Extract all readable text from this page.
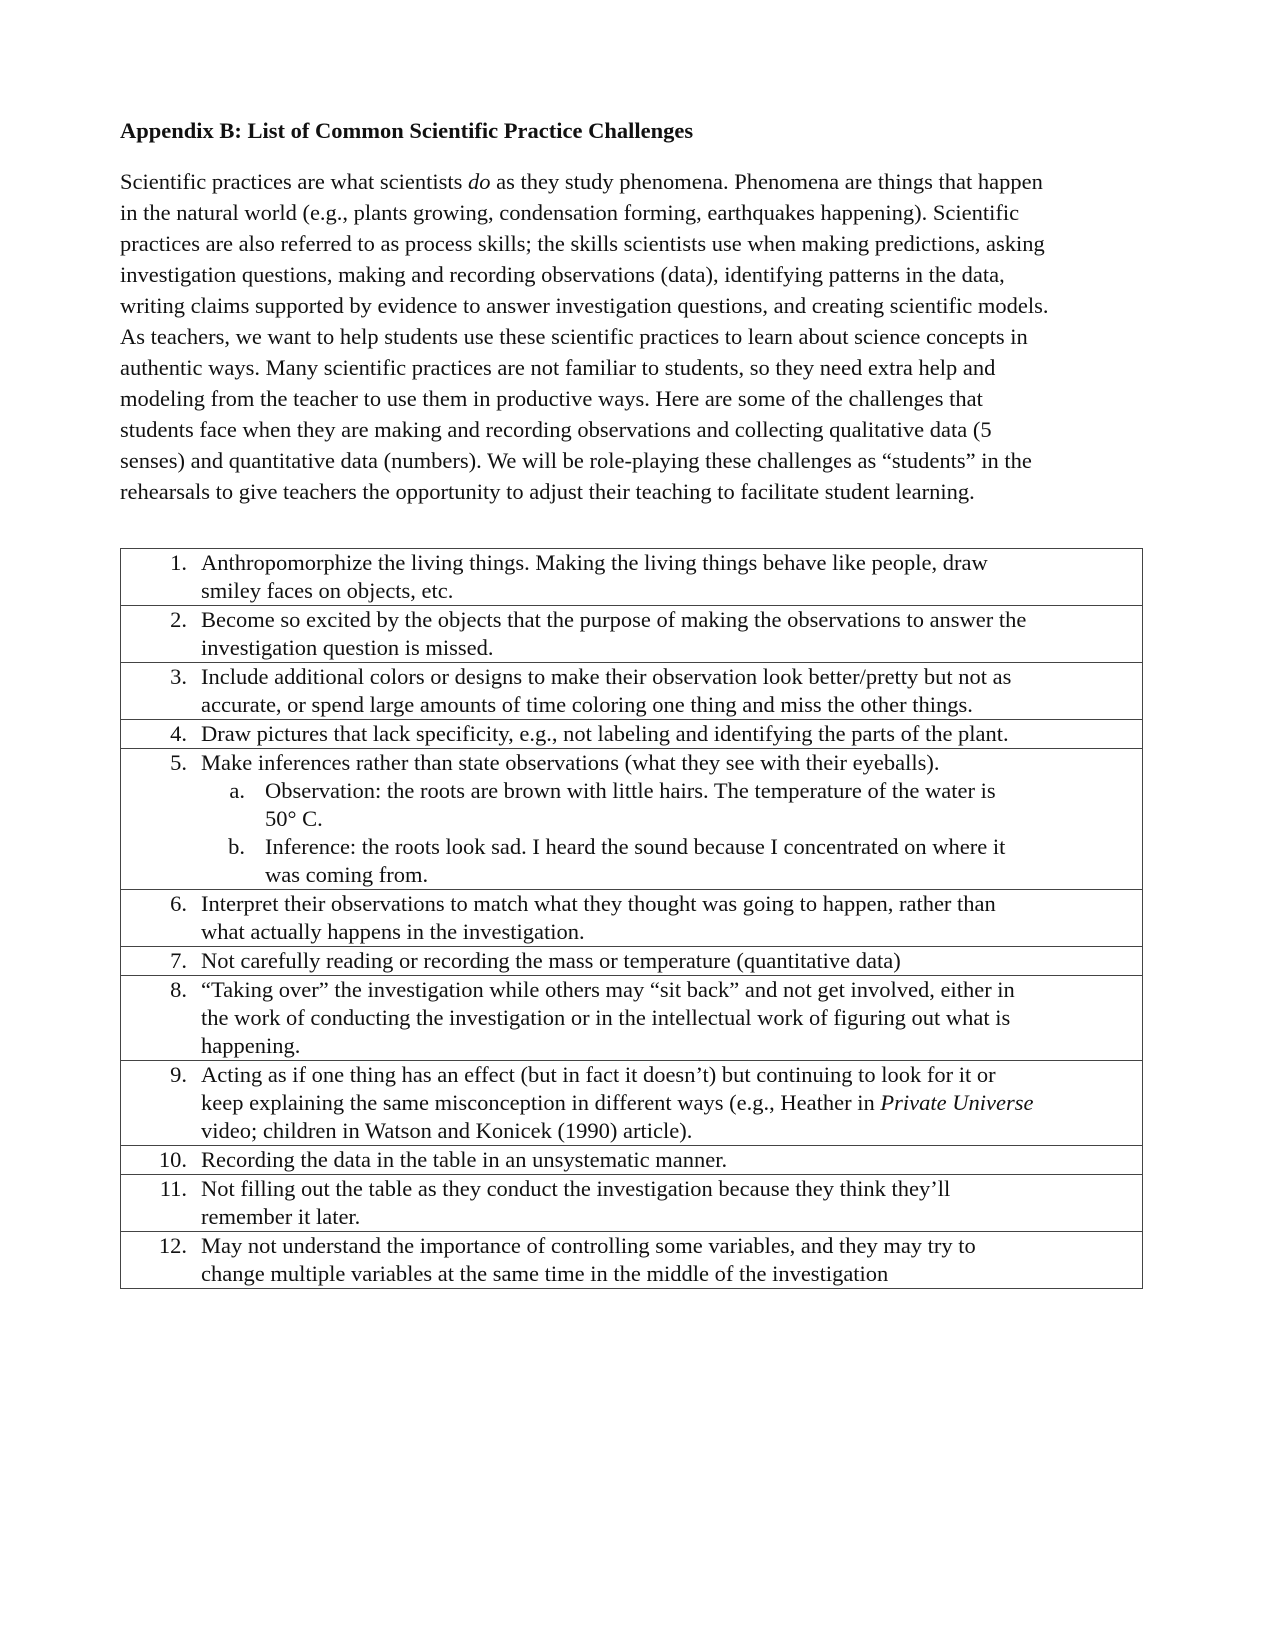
Appendix B: List of Common Scientific Practice Challenges
Scientific practices are what scientists do as they study phenomena. Phenomena are things that happen
in the natural world (e.g., plants growing, condensation forming, earthquakes happening). Scientific
practices are also referred to as process skills; the skills scientists use when making predictions, asking
investigation questions, making and recording observations (data), identifying patterns in the data,
writing claims supported by evidence to answer investigation questions, and creating scientific models.
As teachers, we want to help students use these scientific practices to learn about science concepts in
authentic ways. Many scientific practices are not familiar to students, so they need extra help and
modeling from the teacher to use them in productive ways. Here are some of the challenges that
students face when they are making and recording observations and collecting qualitative data (5
senses) and quantitative data (numbers). We will be role-playing these challenges as “students” in the
rehearsals to give teachers the opportunity to adjust their teaching to facilitate student learning.
1. Anthropomorphize the living things. Making the living things behave like people, draw
smiley faces on objects, etc.

2. Become so excited by the objects that the purpose of making the observations to answer the
investigation question is missed.

3. Include additional colors or designs to make their observation look better/pretty but not as
accurate, or spend large amounts of time coloring one thing and miss the other things.

4. Draw pictures that lack specificity, e.g., not labeling and identifying the parts of the plant.

5. Make inferences rather than state observations (what they see with their eyeballs).
a. Observation: the roots are brown with little hairs. The temperature of the water is
50° C.
b. Inference: the roots look sad. I heard the sound because I concentrated on where it
was coming from.

6. Interpret their observations to match what they thought was going to happen, rather than
what actually happens in the investigation.

7. Not carefully reading or recording the mass or temperature (quantitative data)

8. “Taking over” the investigation while others may “sit back” and not get involved, either in
the work of conducting the investigation or in the intellectual work of figuring out what is
happening.

9. Acting as if one thing has an effect (but in fact it doesn’t) but continuing to look for it or
keep explaining the same misconception in different ways (e.g., Heather in Private Universe
video; children in Watson and Konicek (1990) article).

10. Recording the data in the table in an unsystematic manner.

11. Not filling out the table as they conduct the investigation because they think they’ll
remember it later.

12. May not understand the importance of controlling some variables, and they may try to
change multiple variables at the same time in the middle of the investigation
